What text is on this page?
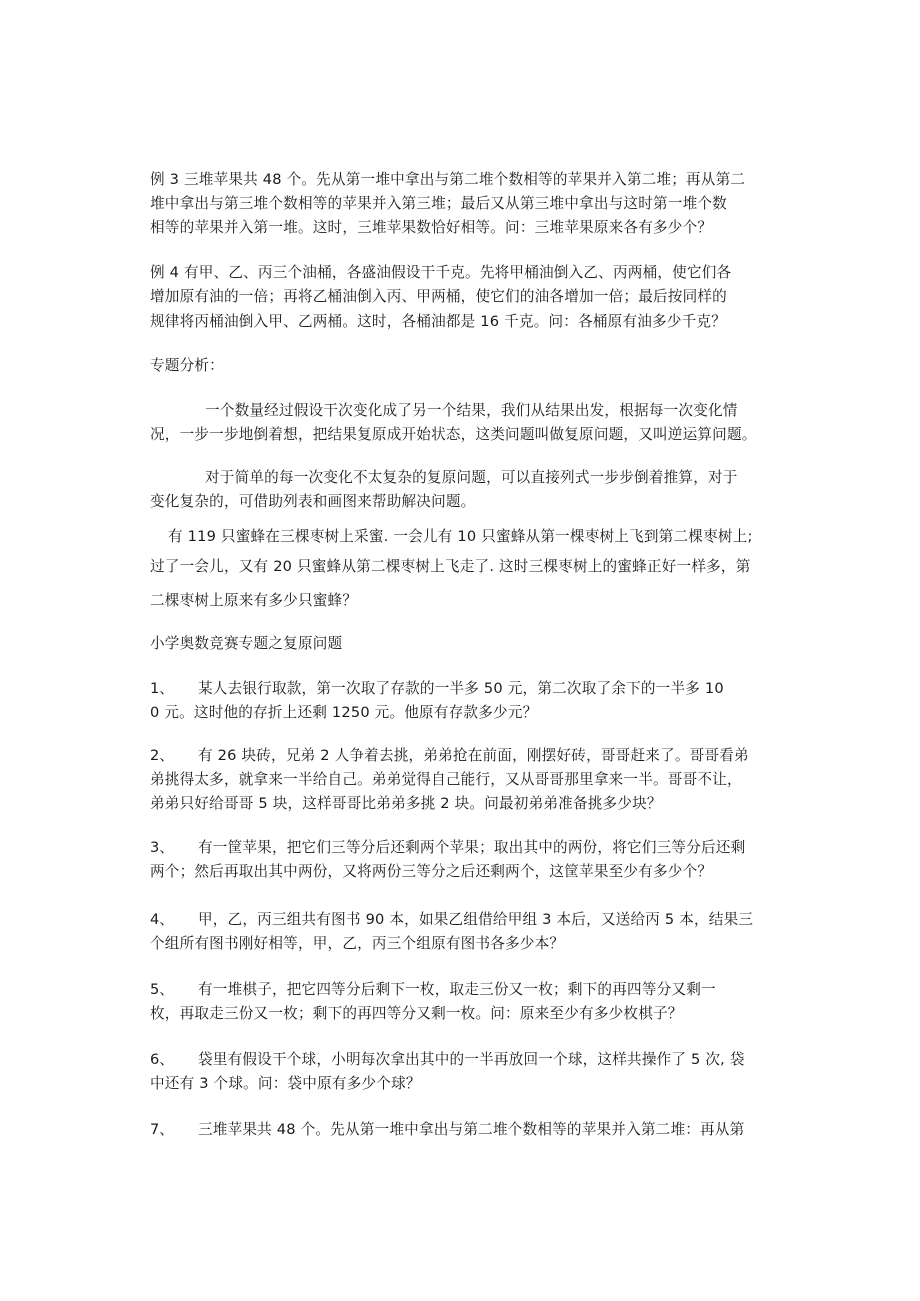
例 3 三堆苹果共 48 个。先从第一堆中拿出与第二堆个数相等的苹果并入第二堆；再从第二
堆中拿出与第三堆个数相等的苹果并入第三堆；最后又从第三堆中拿出与这时第一堆个数
相等的苹果并入第一堆。这时，三堆苹果数恰好相等。问：三堆苹果原来各有多少个？
例 4 有甲、乙、丙三个油桶，各盛油假设干千克。先将甲桶油倒入乙、丙两桶，使它们各
增加原有油的一倍；再将乙桶油倒入丙、甲两桶，使它们的油各增加一倍；最后按同样的
规律将丙桶油倒入甲、乙两桶。这时，各桶油都是 16 千克。问：各桶原有油多少千克？
专题分析：
一个数量经过假设干次变化成了另一个结果，我们从结果出发，根据每一次变化情
况，一步一步地倒着想，把结果复原成开始状态，这类问题叫做复原问题，又叫逆运算问题。
对于简单的每一次变化不太复杂的复原问题，可以直接列式一步步倒着推算，对于
变化复杂的，可借助列表和画图来帮助解决问题。
有 119 只蜜蜂在三棵枣树上采蜜. 一会儿有 10 只蜜蜂从第一棵枣树上飞到第二棵枣树上;
过了一会儿，又有 20 只蜜蜂从第二棵枣树上飞走了. 这时三棵枣树上的蜜蜂正好一样多，第
二棵枣树上原来有多少只蜜蜂？
小学奥数竞赛专题之复原问题
1、 某人去银行取款，第一次取了存款的一半多 50 元，第二次取了余下的一半多 10
0 元。这时他的存折上还剩 1250 元。他原有存款多少元？
2、 有 26 块砖，兄弟 2 人争着去挑，弟弟抢在前面，刚摆好砖，哥哥赶来了。哥哥看弟
弟挑得太多，就拿来一半给自己。弟弟觉得自己能行，又从哥哥那里拿来一半。哥哥不让，
弟弟只好给哥哥 5 块，这样哥哥比弟弟多挑 2 块。问最初弟弟准备挑多少块？
3、 有一筐苹果，把它们三等分后还剩两个苹果；取出其中的两份，将它们三等分后还剩
两个；然后再取出其中两份，又将两份三等分之后还剩两个，这筐苹果至少有多少个？
4、 甲，乙，丙三组共有图书 90 本，如果乙组借给甲组 3 本后，又送给丙 5 本，结果三
个组所有图书刚好相等，甲，乙，丙三个组原有图书各多少本？
5、 有一堆棋子，把它四等分后剩下一枚，取走三份又一枚；剩下的再四等分又剩一
枚，再取走三份又一枚；剩下的再四等分又剩一枚。问：原来至少有多少枚棋子？
6、 袋里有假设干个球，小明每次拿出其中的一半再放回一个球，这样共操作了 5 次, 袋
中还有 3 个球。问：袋中原有多少个球？
7、 三堆苹果共 48 个。先从第一堆中拿出与第二堆个数相等的苹果并入第二堆：再从第
